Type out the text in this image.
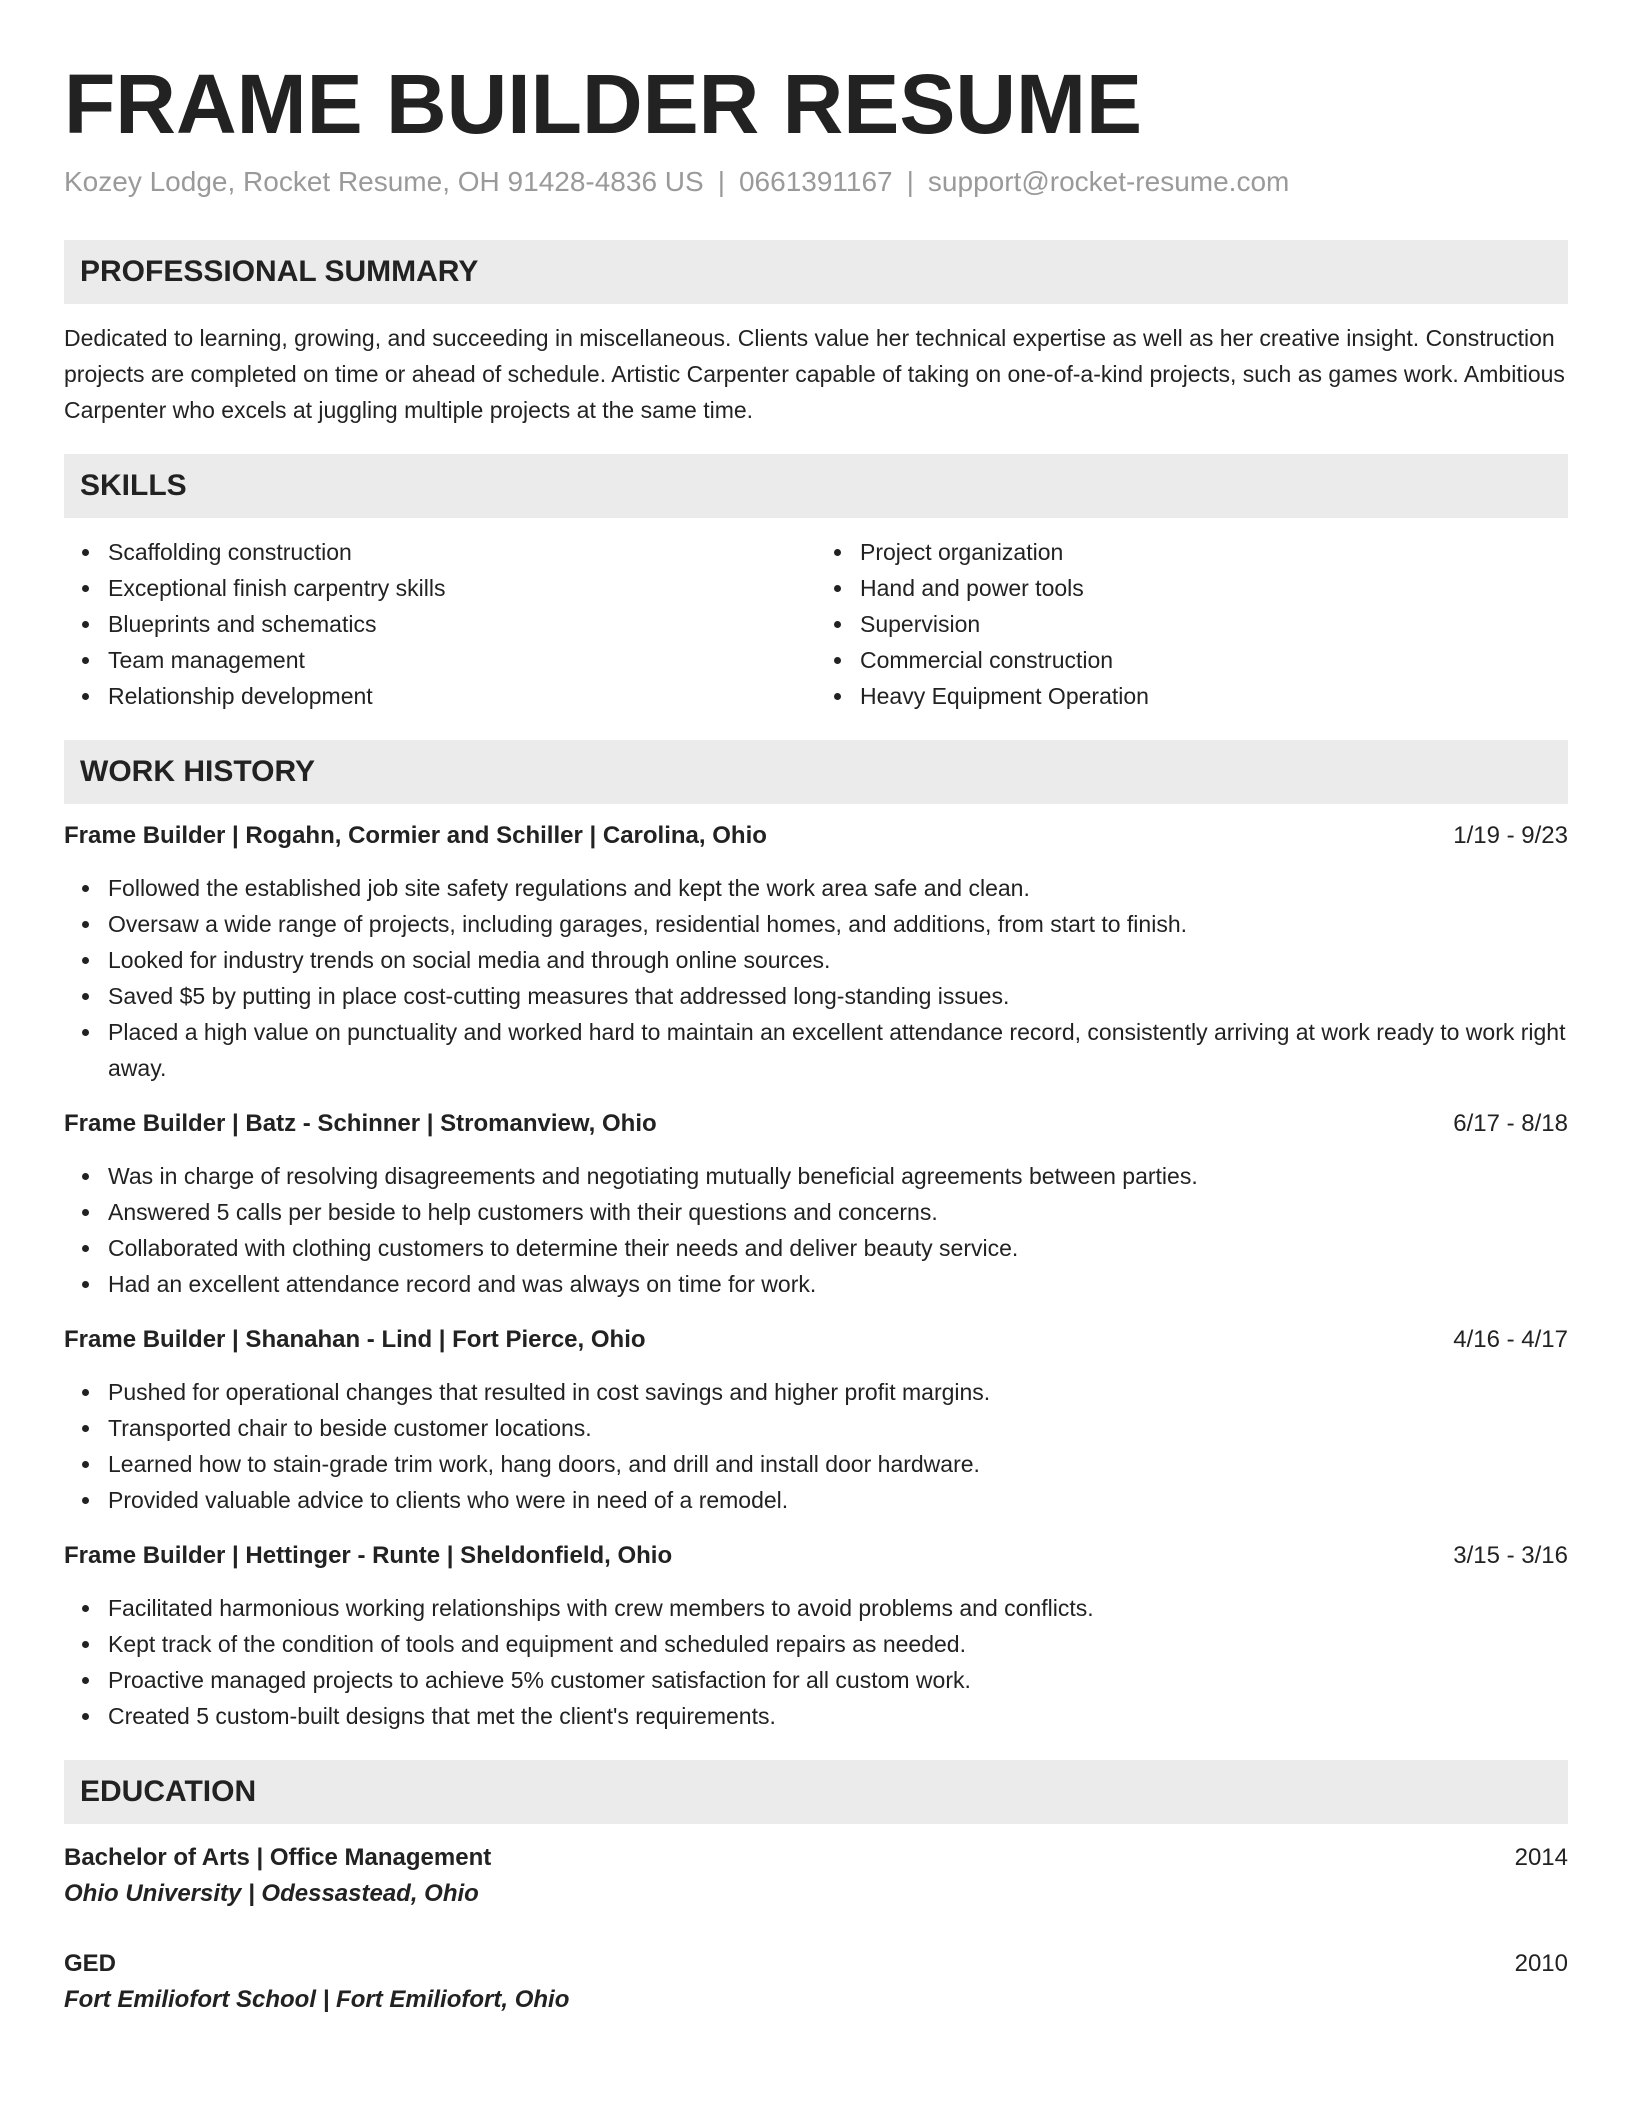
FRAME BUILDER RESUME
Kozey Lodge, Rocket Resume, OH 91428-4836 US | 0661391167 | support@rocket-resume.com
PROFESSIONAL SUMMARY

Dedicated to learning, growing, and succeeding in miscellaneous. Clients value her technical expertise as well as her creative insight. Construction projects are completed on time or ahead of schedule. Artistic Carpenter capable of taking on one-of-a-kind projects, such as games work. Ambitious Carpenter who excels at juggling multiple projects at the same time.

SKILLS
Scaffolding construction
Exceptional finish carpentry skills
Blueprints and schematics
Team management
Relationship development
Project organization
Hand and power tools
Supervision
Commercial construction
Heavy Equipment Operation
WORK HISTORY
Frame Builder | Rogahn, Cormier and Schiller | Carolina, Ohio	1/19 - 9/23
Followed the established job site safety regulations and kept the work area safe and clean.
Oversaw a wide range of projects, including garages, residential homes, and additions, from start to finish.
Looked for industry trends on social media and through online sources.
Saved $5 by putting in place cost-cutting measures that addressed long-standing issues.
Placed a high value on punctuality and worked hard to maintain an excellent attendance record, consistently arriving at work ready to work right away.
Frame Builder | Batz - Schinner | Stromanview, Ohio	6/17 - 8/18
Was in charge of resolving disagreements and negotiating mutually beneficial agreements between parties.
Answered 5 calls per beside to help customers with their questions and concerns.
Collaborated with clothing customers to determine their needs and deliver beauty service.
Had an excellent attendance record and was always on time for work.
Frame Builder | Shanahan - Lind | Fort Pierce, Ohio	4/16 - 4/17
Pushed for operational changes that resulted in cost savings and higher profit margins.
Transported chair to beside customer locations.
Learned how to stain-grade trim work, hang doors, and drill and install door hardware.
Provided valuable advice to clients who were in need of a remodel.
Frame Builder | Hettinger - Runte | Sheldonfield, Ohio	3/15 - 3/16
Facilitated harmonious working relationships with crew members to avoid problems and conflicts.
Kept track of the condition of tools and equipment and scheduled repairs as needed.
Proactive managed projects to achieve 5% customer satisfaction for all custom work.
Created 5 custom-built designs that met the client's requirements.
EDUCATION
Bachelor of Arts | Office Management	2014
Ohio University | Odessastead, Ohio
GED	2010
Fort Emiliofort School | Fort Emiliofort, Ohio
